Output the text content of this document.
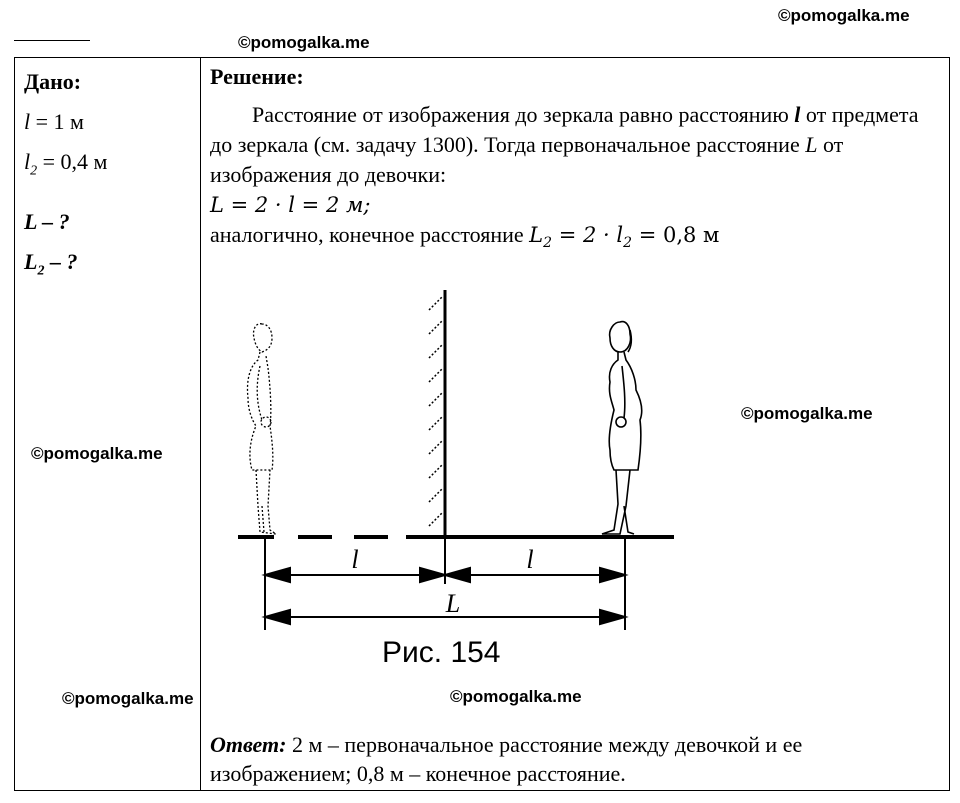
©pomogalka.me
©pomogalka.me
Дано:
l = 1 м
$l_2 = 0,4$ м
L – ?
$L_2$ – ?
©pomogalka.me
Решение:

Расстояние от изображения до зеркала равно расстоянию l от предмета до зеркала (см. задачу 1300). Тогда первоначальное расстояние L от изображения до девочки:

L = 2 · l = 2 м;

аналогично, конечное расстояние $L_2 = 2 \cdot l_2 = 0,8$ м

l	l
L
©pomogalka.me
Рис. 154
©pomogalka.me	©pomogalka.me
Ответ: 2 м – первоначальное расстояние между девочкой и ее изображением; 0,8 м – конечное расстояние.
